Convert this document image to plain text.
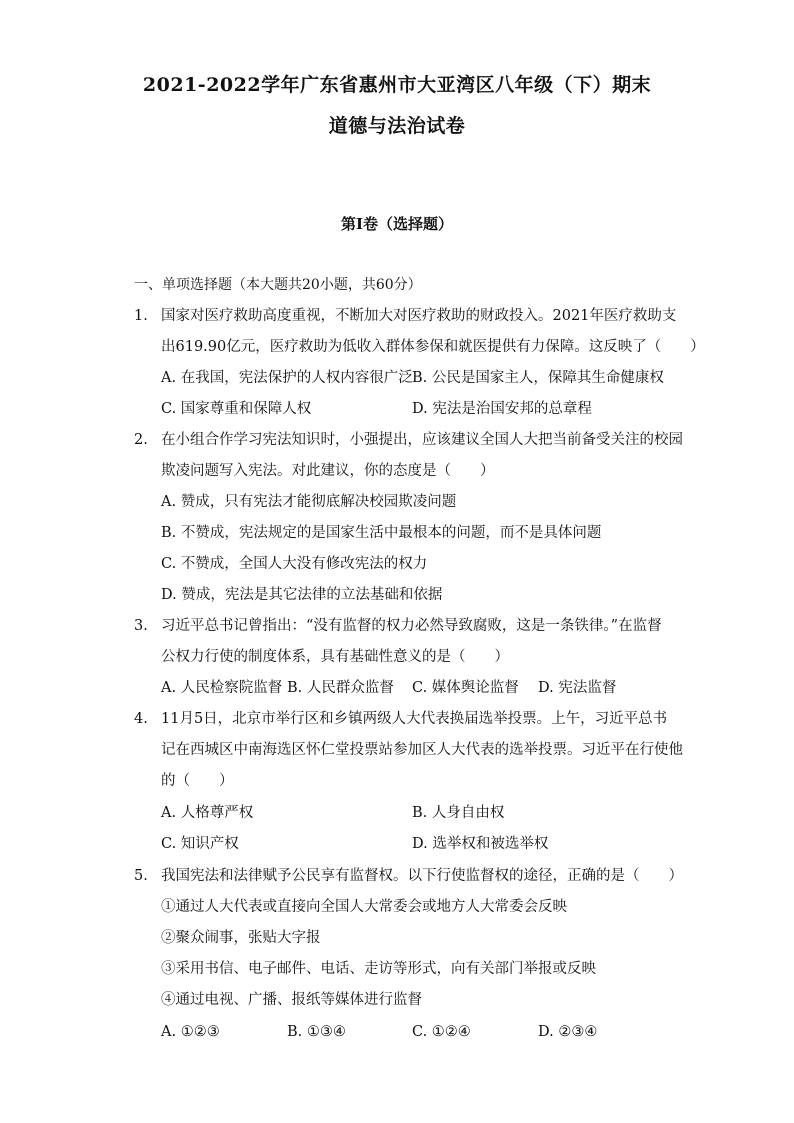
2021-2022学年广东省惠州市大亚湾区八年级（下）期末
道德与法治试卷
第Ⅰ卷（选择题）
一、单项选择题（本大题共20小题，共60分）
1. 国家对医疗救助高度重视，不断加大对医疗救助的财政投入。2021年医疗救助支
出619.90亿元，医疗救助为低收入群体参保和就医提供有力保障。这反映了（　　）
A. 在我国，宪法保护的人权内容很广泛 B. 公民是国家主人，保障其生命健康权
C. 国家尊重和保障人权	D. 宪法是治国安邦的总章程
2. 在小组合作学习宪法知识时，小强提出，应该建议全国人大把当前备受关注的校园
欺凌问题写入宪法。对此建议，你的态度是（　　）
A. 赞成，只有宪法才能彻底解决校园欺凌问题
B. 不赞成，宪法规定的是国家生活中最根本的问题，而不是具体问题
C. 不赞成，全国人大没有修改宪法的权力
D. 赞成，宪法是其它法律的立法基础和依据
3. 习近平总书记曾指出：“没有监督的权力必然导致腐败，这是一条铁律。”在监督
公权力行使的制度体系，具有基础性意义的是（　　）
A. 人民检察院监督 B. 人民群众监督 C. 媒体舆论监督 D. 宪法监督
4. 11月5日，北京市举行区和乡镇两级人大代表换届选举投票。上午，习近平总书
记在西城区中南海选区怀仁堂投票站参加区人大代表的选举投票。习近平在行使他
的（　　）
A. 人格尊严权	B. 人身自由权
C. 知识产权	D. 选举权和被选举权
5. 我国宪法和法律赋予公民享有监督权。以下行使监督权的途径，正确的是（　　）
①通过人大代表或直接向全国人大常委会或地方人大常委会反映
②聚众闹事，张贴大字报
③采用书信、电子邮件、电话、走访等形式，向有关部门举报或反映
④通过电视、广播、报纸等媒体进行监督
A. ①②③	B. ①③④	C. ①②④	D. ②③④
